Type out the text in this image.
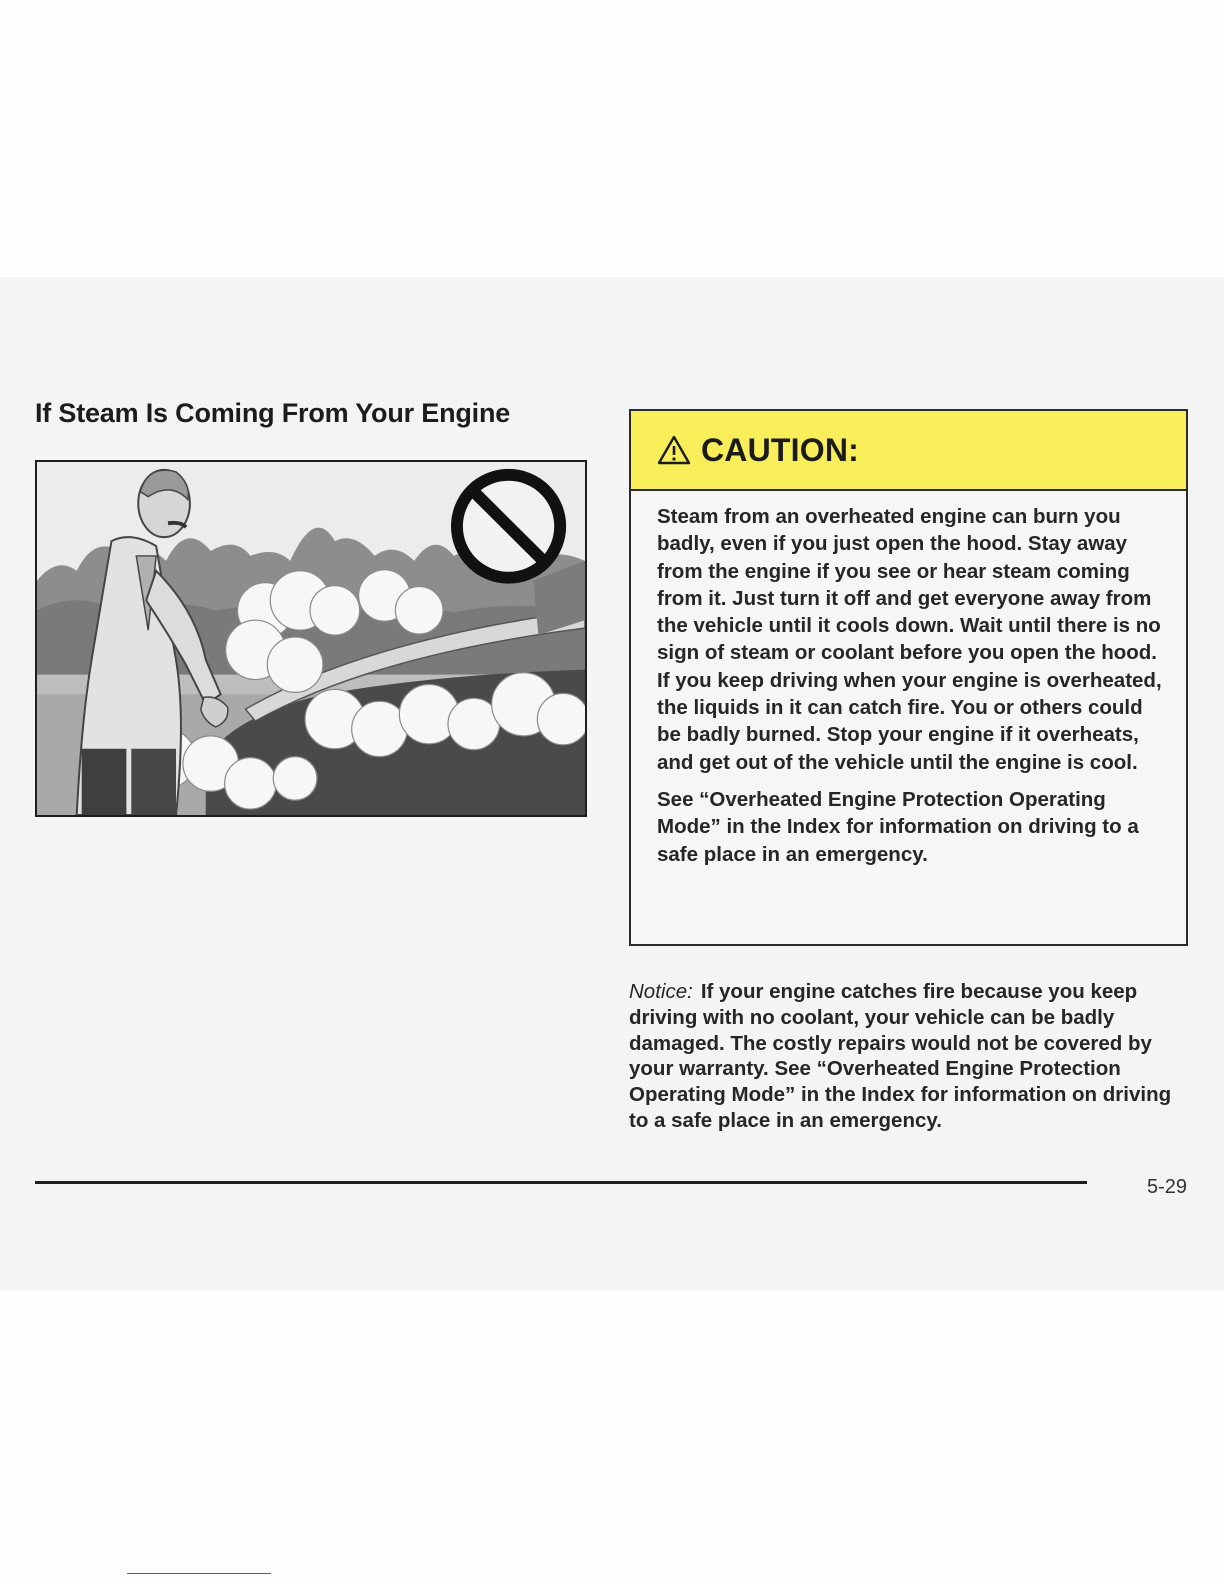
If Steam Is Coming From Your Engine
CAUTION:

Steam from an overheated engine can burn you badly, even if you just open the hood. Stay away from the engine if you see or hear steam coming from it. Just turn it off and get everyone away from the vehicle until it cools down. Wait until there is no sign of steam or coolant before you open the hood.

If you keep driving when your engine is overheated, the liquids in it can catch fire. You or others could be badly burned. Stop your engine if it overheats, and get out of the vehicle until the engine is cool.

See “Overheated Engine Protection Operating Mode” in the Index for information on driving to a safe place in an emergency.

Notice: If your engine catches fire because you keep driving with no coolant, your vehicle can be badly damaged. The costly repairs would not be covered by your warranty. See “Overheated Engine Protection Operating Mode” in the Index for information on driving to a safe place in an emergency.

5-29
